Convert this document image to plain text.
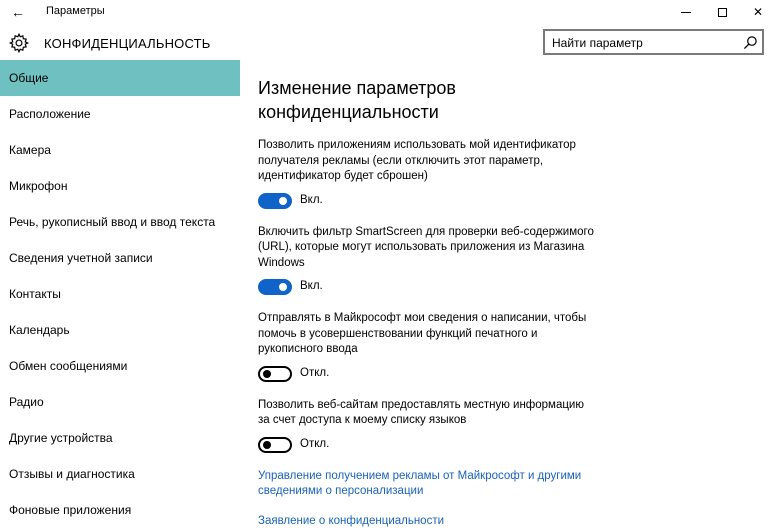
← Параметры	✕
КОНФИДЕНЦИАЛЬНОСТЬ	Найти параметр
Общие
Расположение
Камера
Микрофон
Речь, рукописный ввод и ввод текста
Сведения учетной записи
Контакты
Календарь
Обмен сообщениями
Радио
Другие устройства
Отзывы и диагностика
Фоновые приложения
Изменение параметров конфиденциальности
Позволить приложениям использовать мой идентификатор получателя рекламы (если отключить этот параметр, идентификатор будет сброшен)
Вкл.
Включить фильтр SmartScreen для проверки веб-содержимого (URL), которые могут использовать приложения из Магазина Windows
Вкл.
Отправлять в Майкрософт мои сведения о написании, чтобы помочь в усовершенствовании функций печатного и рукописного ввода
Откл.
Позволить веб-сайтам предоставлять местную информацию за счет доступа к моему списку языков
Откл.
Управление получением рекламы от Майкрософт и другими сведениями о персонализации
Заявление о конфиденциальности
